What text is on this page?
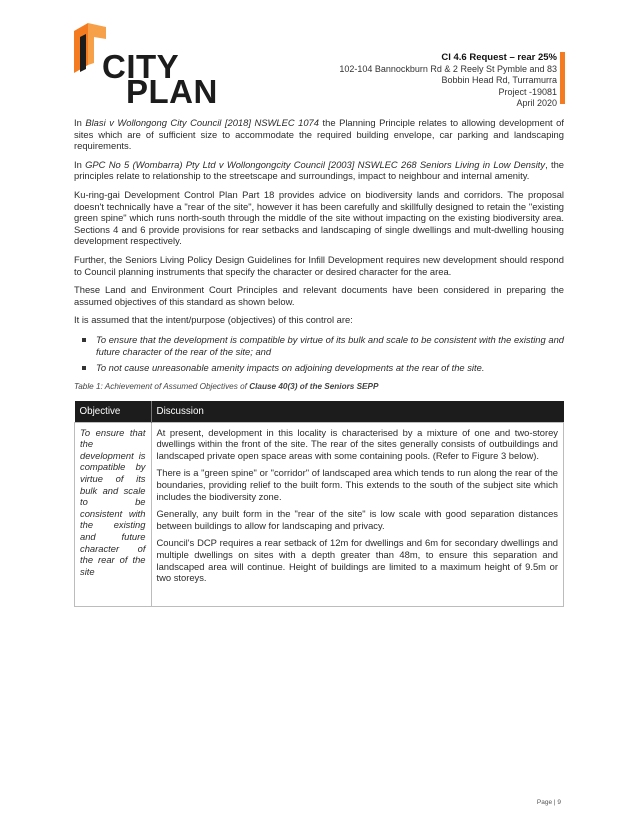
CITY
PLAN
Cl 4.6 Request – rear 25%
102-104 Bannockburn Rd & 2 Reely St Pymble and 83
Bobbin Head Rd, Turramurra
Project -19081
April 2020

In Blasi v Wollongong City Council [2018] NSWLEC 1074 the Planning Principle relates to allowing development of sites which are of sufficient size to accommodate the required building envelope, car parking and landscaping requirements.

In GPC No 5 (Wombarra) Pty Ltd v Wollongongcity Council [2003] NSWLEC 268 Seniors Living in Low Density, the principles relate to relationship to the streetscape and surroundings, impact to neighbour and internal amenity.

Ku-ring-gai Development Control Plan Part 18 provides advice on biodiversity lands and corridors. The proposal doesn't technically have a "rear of the site", however it has been carefully and skillfully designed to retain the "existing green spine" which runs north-south through the middle of the site without impacting on the existing biodiversity area. Sections 4 and 6 provide provisions for rear setbacks and landscaping of single dwellings and mult-dwelling housing development respectively.

Further, the Seniors Living Policy Design Guidelines for Infill Development requires new development should respond to Council planning instruments that specify the character or desired character for the area.

These Land and Environment Court Principles and relevant documents have been considered in preparing the assumed objectives of this standard as shown below.

It is assumed that the intent/purpose (objectives) of this control are:

To ensure that the development is compatible by virtue of its bulk and scale to be consistent with the existing and future character of the rear of the site; and
To not cause unreasonable amenity impacts on adjoining developments at the rear of the site.
Table 1: Achievement of Assumed Objectives of Clause 40(3) of the Seniors SEPP
Objective	Discussion
To ensure that the development is compatible by virtue of its bulk and scale to be consistent with the existing and future character of the rear of the site	At present, development in this locality is characterised by a mixture of one and two-storey dwellings within the front of the site. The rear of the sites generally consists of outbuildings and landscaped private open space areas with some containing pools. (Refer to Figure 3 below).

There is a "green spine" or "corridor" of landscaped area which tends to run along the rear of the boundaries, providing relief to the built form. This extends to the south of the subject site which includes the biodiversity zone.

Generally, any built form in the "rear of the site" is low scale with good separation distances between buildings to allow for landscaping and privacy.

Council's DCP requires a rear setback of 12m for dwellings and 6m for secondary dwellings and multiple dwellings on sites with a depth greater than 48m, to ensure this separation and landscaped area will continue. Height of buildings are limited to a maximum height of 9.5m or two storeys.

Page | 9
